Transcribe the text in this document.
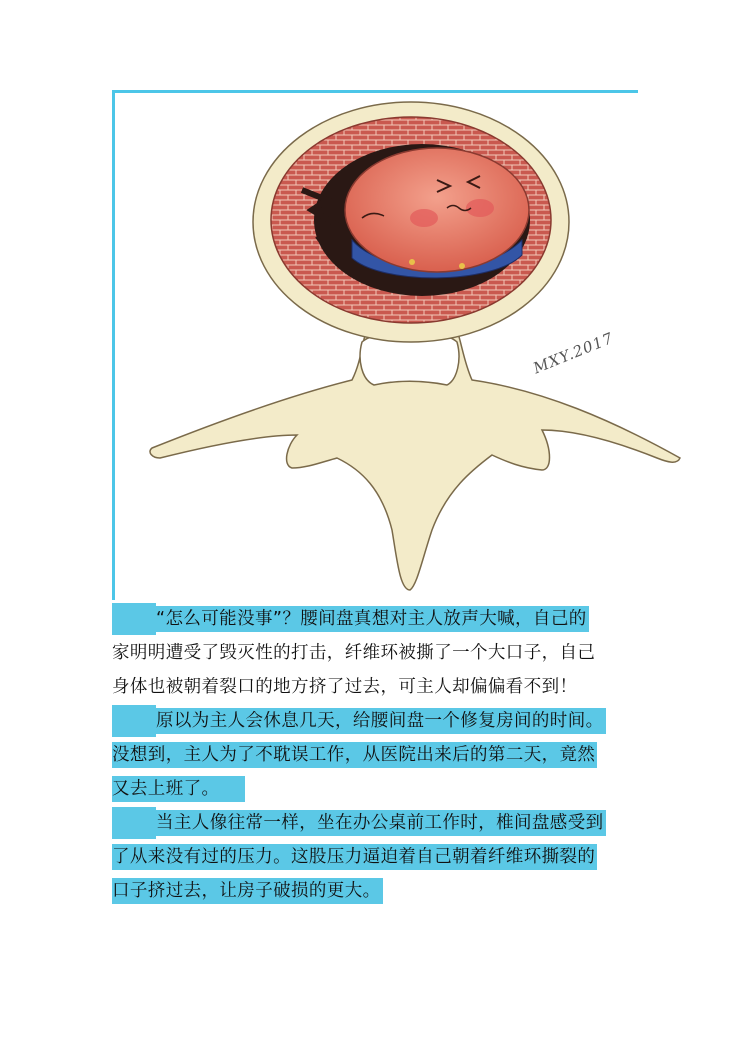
MXY.2017

“怎么可能没事”？腰间盘真想对主人放声大喊，自己的

家明明遭受了毁灭性的打击，纤维环被撕了一个大口子，自己

身体也被朝着裂口的地方挤了过去，可主人却偏偏看不到！

原以为主人会休息几天，给腰间盘一个修复房间的时间。

没想到，主人为了不耽误工作，从医院出来后的第二天，竟然

又去上班了。

当主人像往常一样，坐在办公桌前工作时，椎间盘感受到

了从来没有过的压力。这股压力逼迫着自己朝着纤维环撕裂的

口子挤过去，让房子破损的更大。
